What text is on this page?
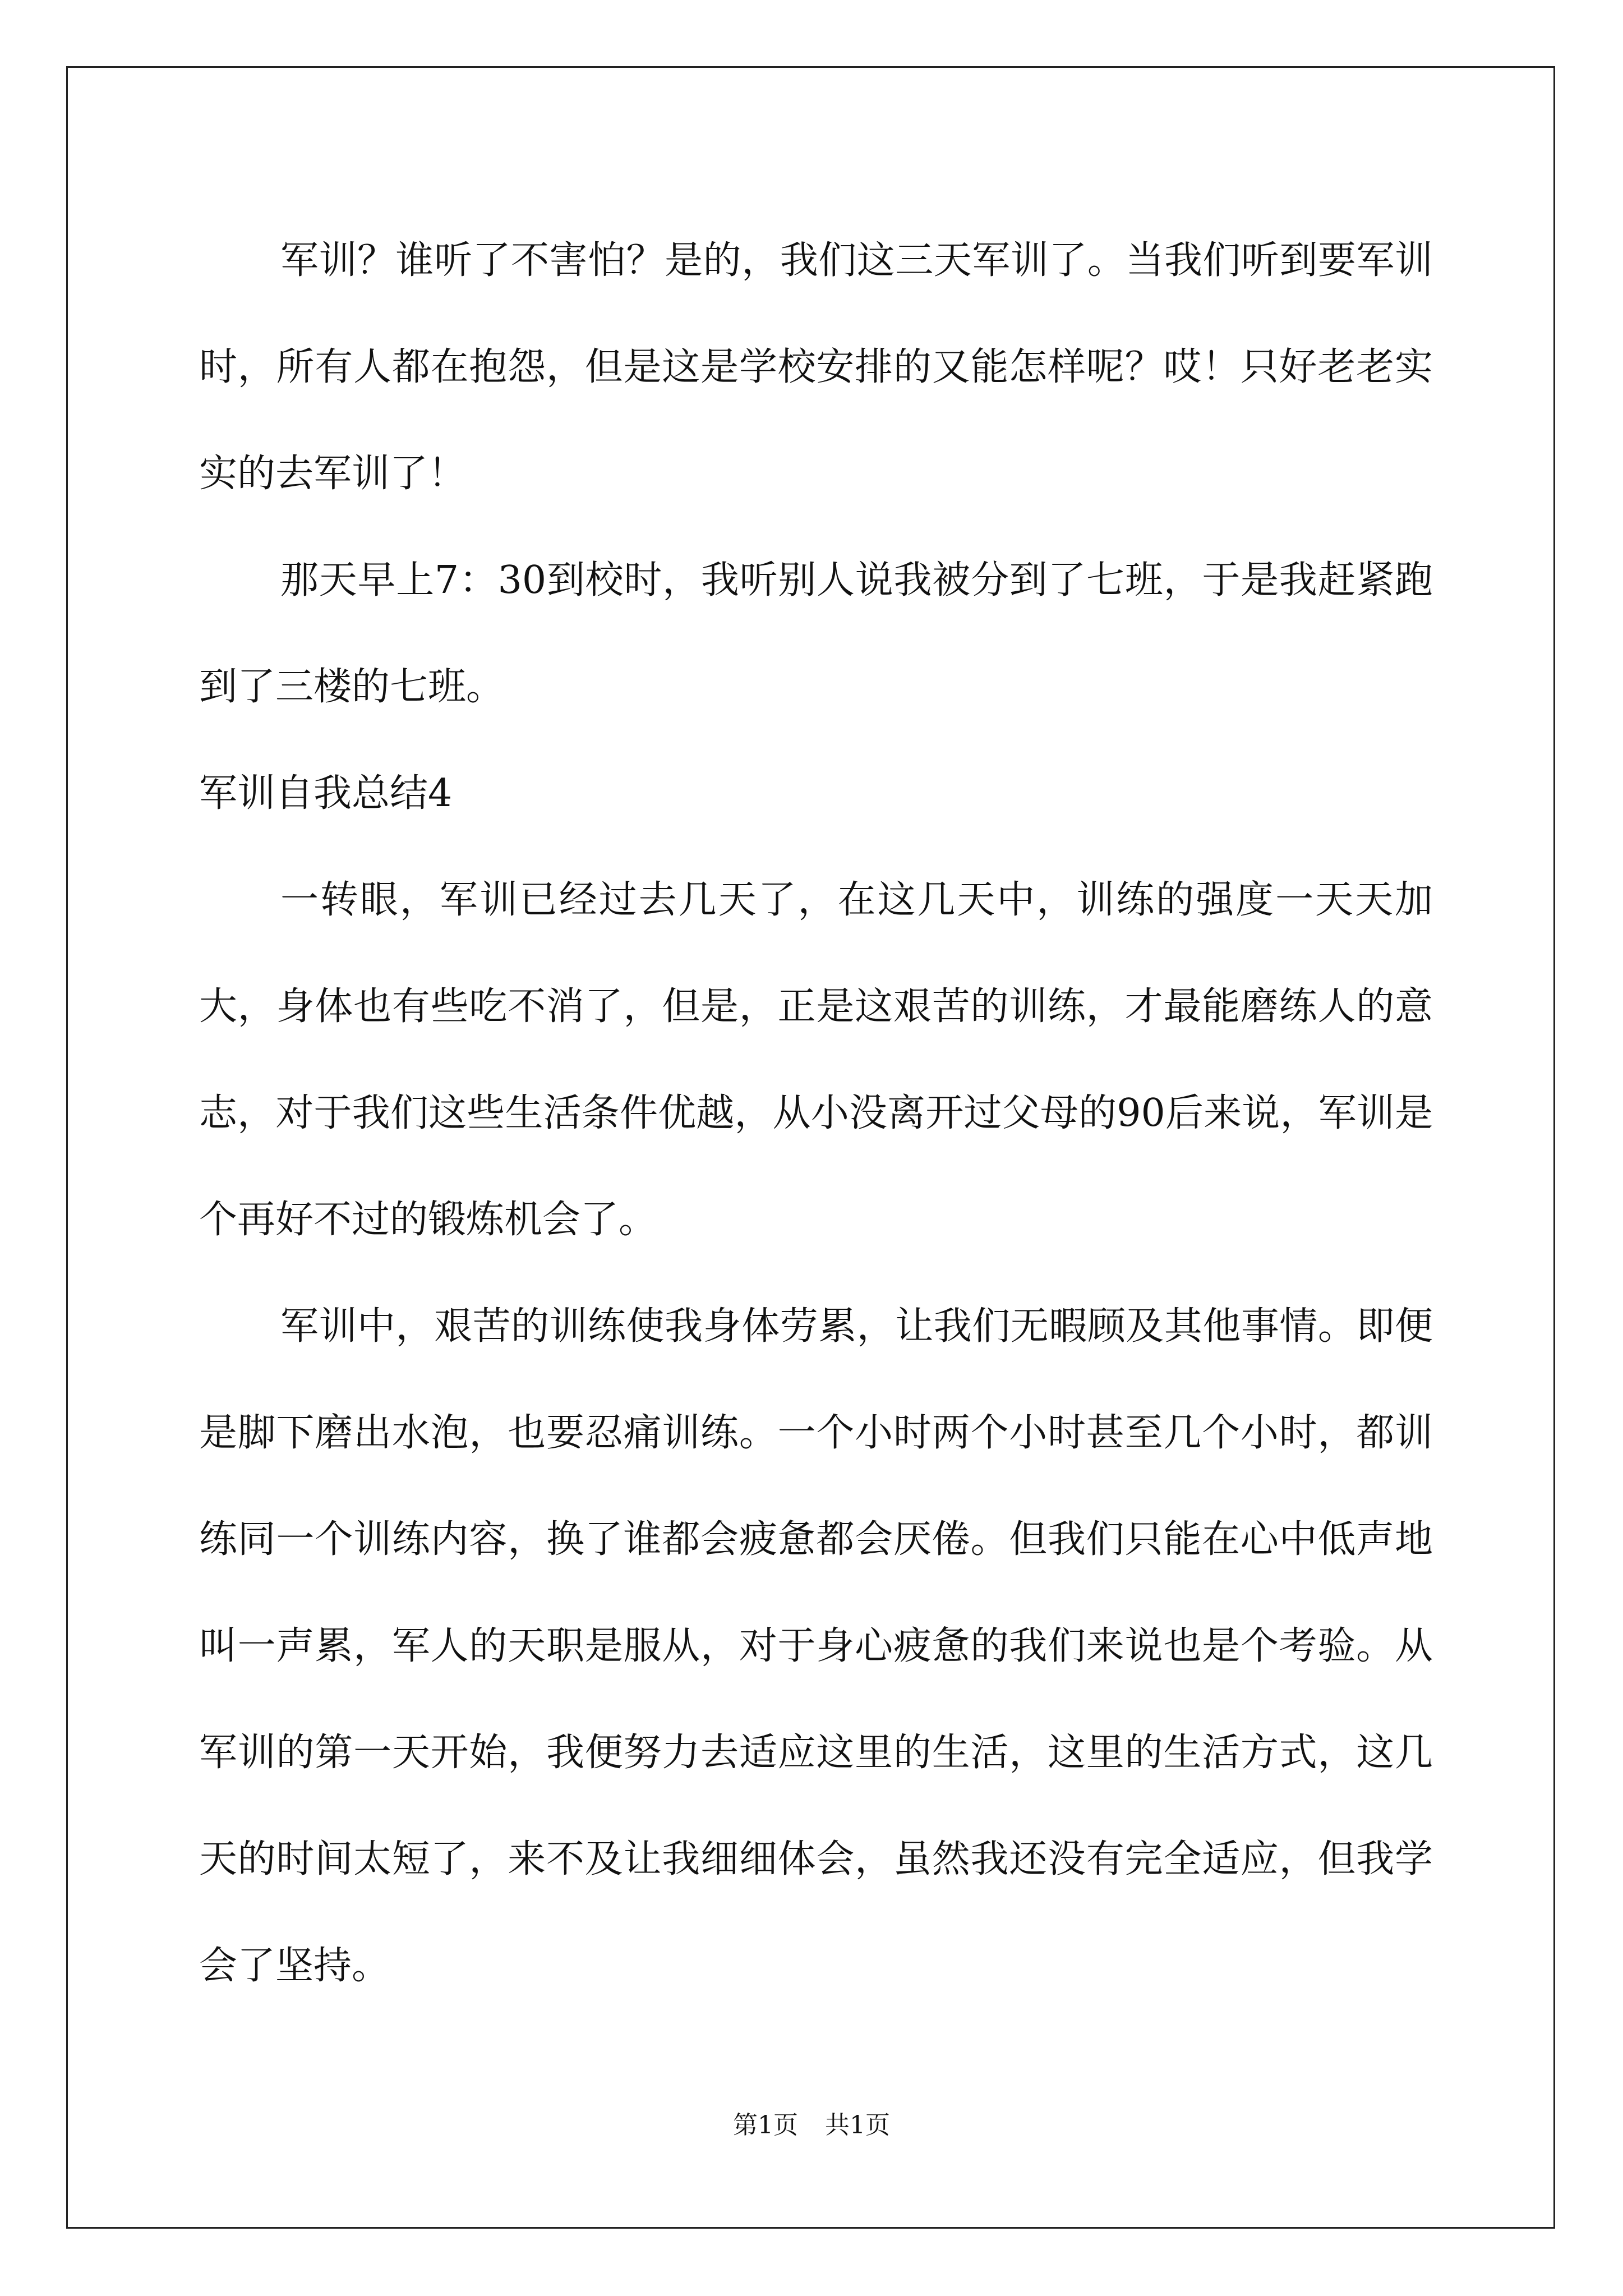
军训？谁听了不害怕？是的，我们这三天军训了。当我们听到要军训时，所有人都在抱怨，但是这是学校安排的又能怎样呢？哎！只好老老实实的去军训了！

那天早上7：30到校时，我听别人说我被分到了七班，于是我赶紧跑到了三楼的七班。

军训自我总结4

一转眼，军训已经过去几天了，在这几天中，训练的强度一天天加大，身体也有些吃不消了，但是，正是这艰苦的训练，才最能磨练人的意志，对于我们这些生活条件优越，从小没离开过父母的90后来说，军训是个再好不过的锻炼机会了。

军训中，艰苦的训练使我身体劳累，让我们无暇顾及其他事情。即便是脚下磨出水泡，也要忍痛训练。一个小时两个小时甚至几个小时，都训练同一个训练内容，换了谁都会疲惫都会厌倦。但我们只能在心中低声地叫一声累，军人的天职是服从，对于身心疲惫的我们来说也是个考验。从军训的第一天开始，我便努力去适应这里的生活，这里的生活方式，这几天的时间太短了，来不及让我细细体会，虽然我还没有完全适应，但我学会了坚持。

第1页 共1页
